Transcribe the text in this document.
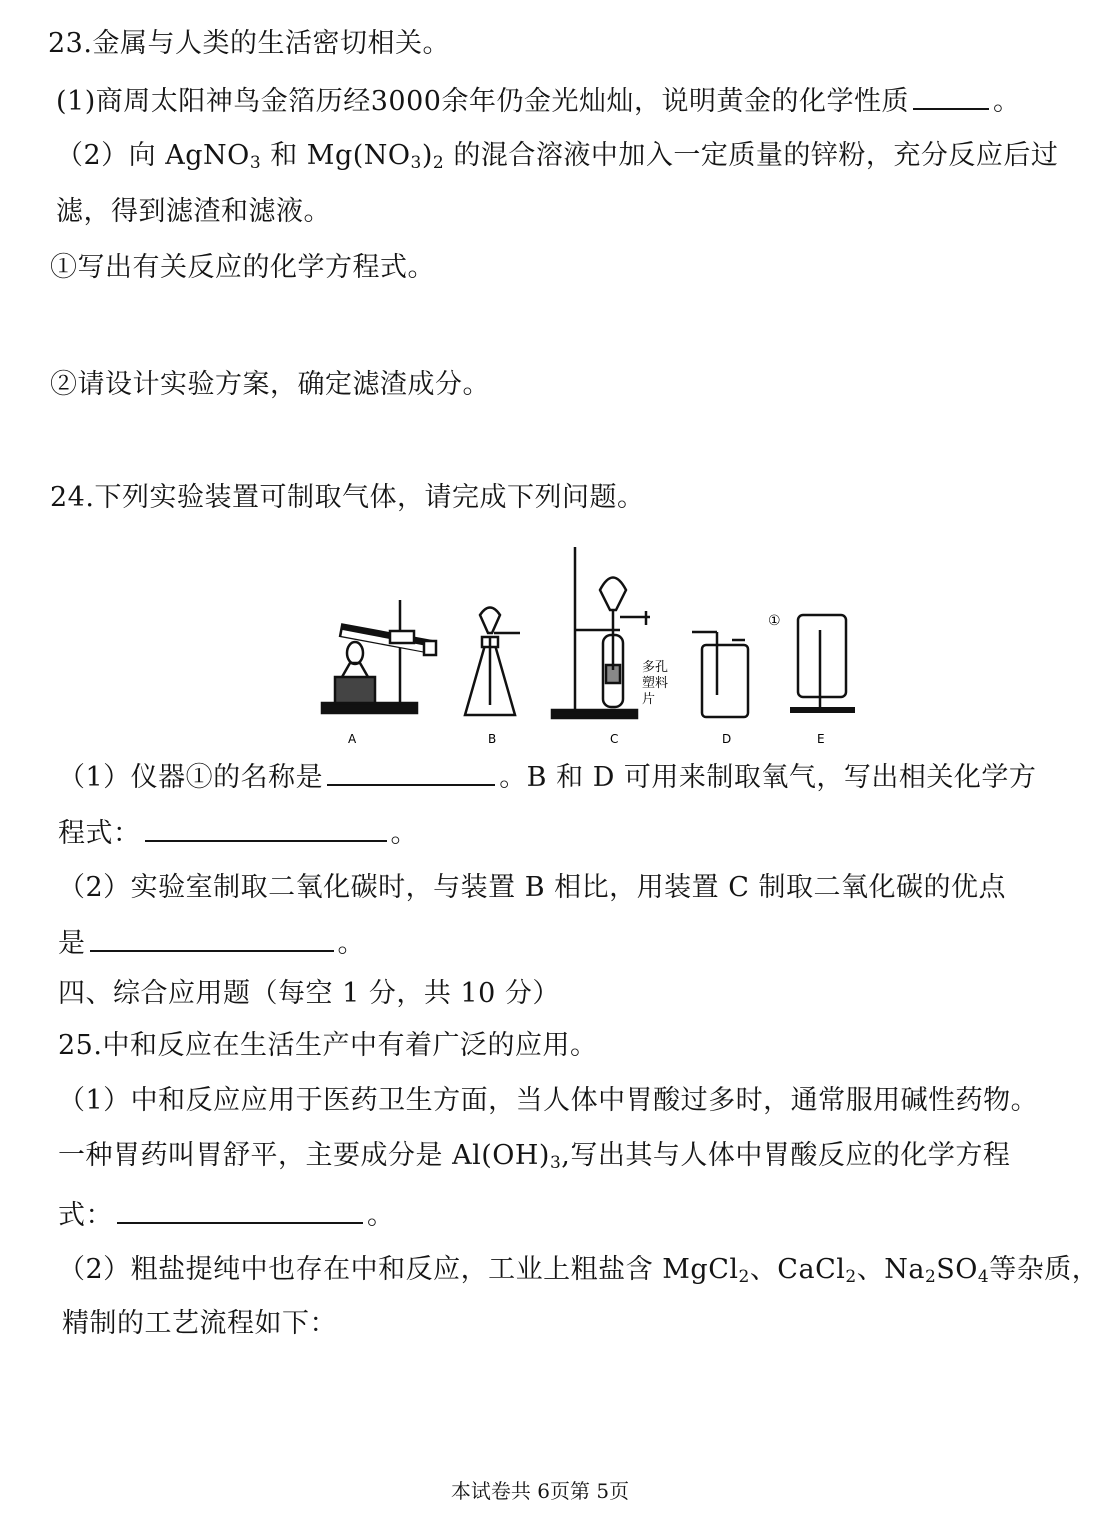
23.金属与人类的生活密切相关。
(1)商周太阳神鸟金箔历经3000余年仍金光灿灿，说明黄金的化学性质	。
（2）向 AgNO$_3$ 和 $Mg(NO_3)_2$ 的混合溶液中加入一定质量的锌粉，充分反应后过
滤，得到滤渣和滤液。
①写出有关反应的化学方程式。
②请设计实验方案，确定滤渣成分。
24.下列实验装置可制取气体，请完成下列问题。
A	B	C	D	E
多孔
塑料
片
①
（1）仪器①的名称是	。B 和 D 可用来制取氧气，写出相关化学方
程式：	。
（2）实验室制取二氧化碳时，与装置 B 相比，用装置 C 制取二氧化碳的优点
是	。
四、综合应用题（每空 1 分，共 10 分）
25.中和反应在生活生产中有着广泛的应用。
（1）中和反应应用于医药卫生方面，当人体中胃酸过多时，通常服用碱性药物。
一种胃药叫胃舒平，主要成分是 $Al(OH)_3$,写出其与人体中胃酸反应的化学方程
式：	。
（2）粗盐提纯中也存在中和反应，工业上粗盐含 MgCl$_2$、CaCl$_2$、$Na_2SO_4$等杂质，
精制的工艺流程如下：
本试卷共 6页第 5页
